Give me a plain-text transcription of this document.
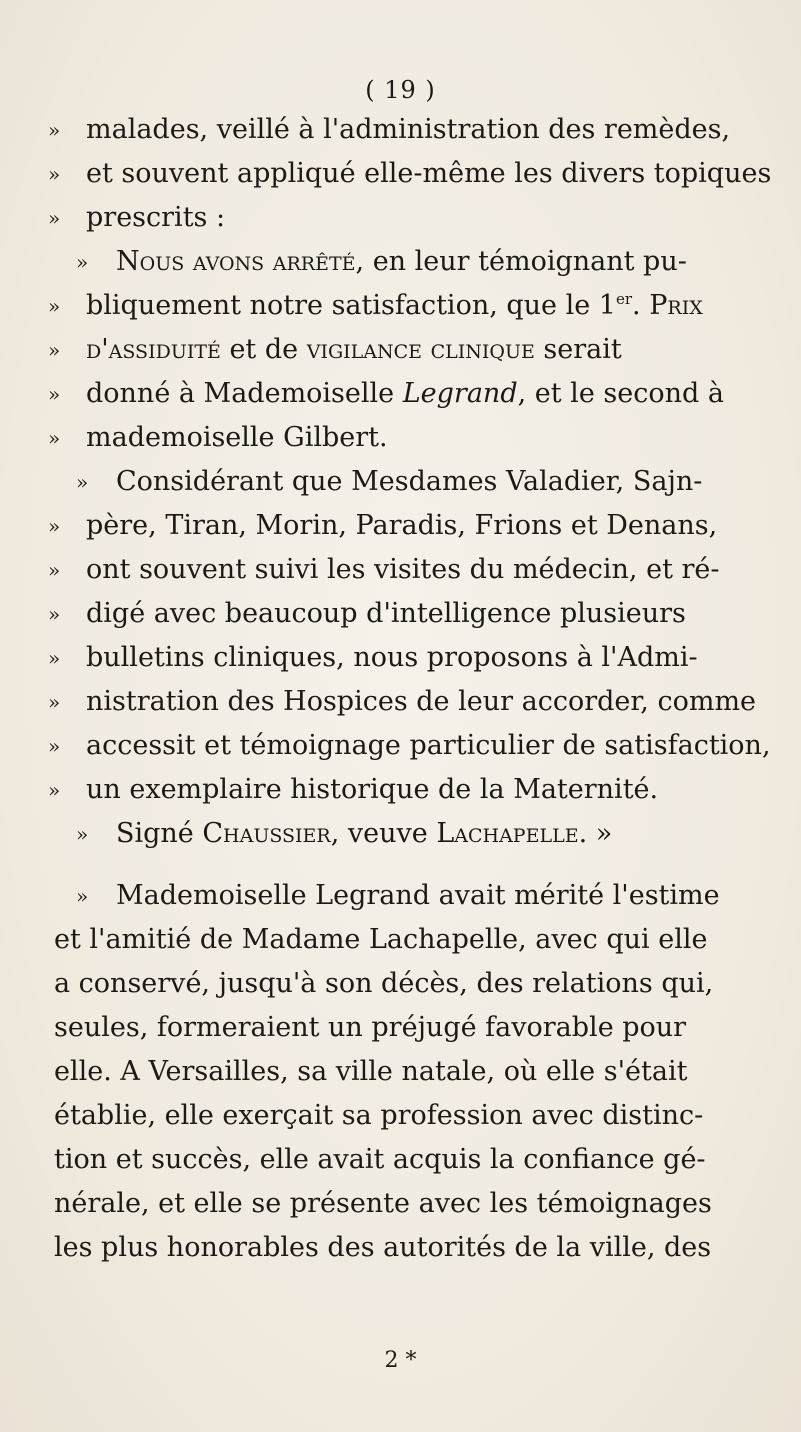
( 19 )
» malades, veillé à l'administration des remèdes,
» et souvent appliqué elle-même les divers topiques
» prescrits :
» Nous avons arrêté, en leur témoignant pu-
» bliquement notre satisfaction, que le 1er. Prix
» d'assiduité et de vigilance clinique serait
» donné à Mademoiselle Legrand, et le second à
» mademoiselle Gilbert.
» Considérant que Mesdames Valadier, Sajn-
» père, Tiran, Morin, Paradis, Frions et Denans,
» ont souvent suivi les visites du médecin, et ré-
» digé avec beaucoup d'intelligence plusieurs
» bulletins cliniques, nous proposons à l'Admi-
» nistration des Hospices de leur accorder, comme
» accessit et témoignage particulier de satisfaction,
» un exemplaire historique de la Maternité.
» Signé Chaussier, veuve Lachapelle. »
» Mademoiselle Legrand avait mérité l'estime
et l'amitié de Madame Lachapelle, avec qui elle
a conservé, jusqu'à son décès, des relations qui,
seules, formeraient un préjugé favorable pour
elle. A Versailles, sa ville natale, où elle s'était
établie, elle exerçait sa profession avec distinc-
tion et succès, elle avait acquis la confiance gé-
nérale, et elle se présente avec les témoignages
les plus honorables des autorités de la ville, des
2 *
